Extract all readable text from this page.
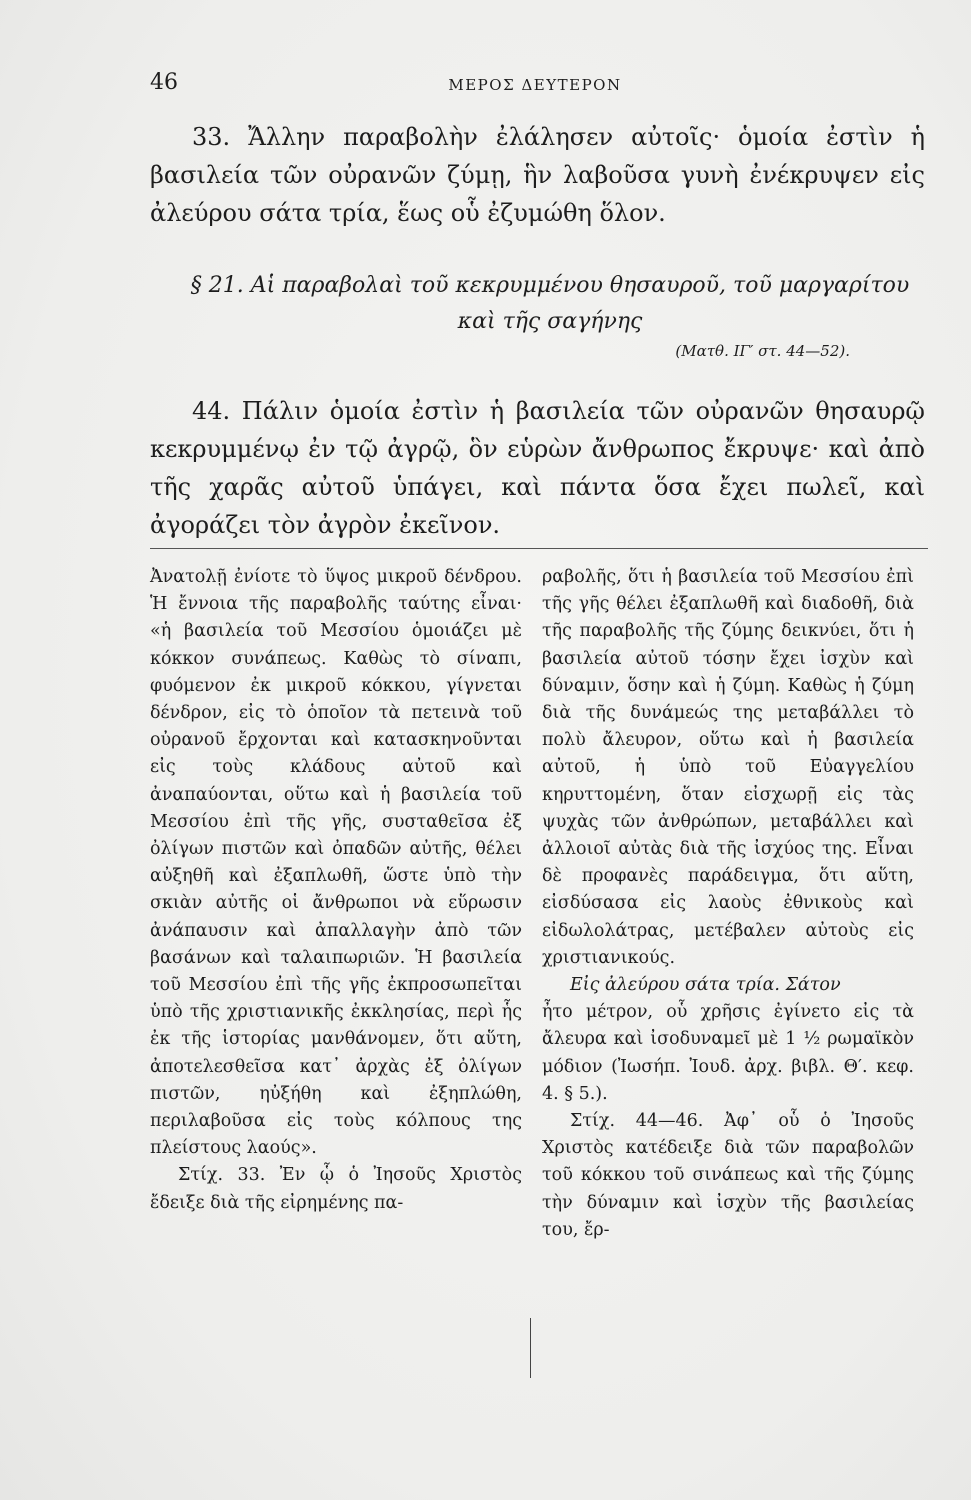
46	ΜΕΡΟΣ ΔΕΥΤΕΡΟΝ

33. Ἄλλην παραβολὴν ἐλάλησεν αὐτοῖς· ὁμοία ἐστὶν ἡ βασιλεία τῶν οὐρανῶν ζύμῃ, ἣν λαβοῦσα γυνὴ ἐνέκρυψεν εἰς ἀλεύρου σάτα τρία, ἕως οὗ ἐζυμώθη ὅλον.

§ 21. Αἱ παραβολαὶ τοῦ κεκρυμμένου θησαυροῦ, τοῦ μαργαρίτου καὶ τῆς σαγήνης
(Ματθ. ΙΓ′ στ. 44—52).

44. Πάλιν ὁμοία ἐστὶν ἡ βασιλεία τῶν οὐρανῶν θησαυρῷ κεκρυμμένῳ ἐν τῷ ἀγρῷ, ὃν εὑρὼν ἄνθρωπος ἔκρυψε· καὶ ἀπὸ τῆς χαρᾶς αὐτοῦ ὑπάγει, καὶ πάντα ὅσα ἔχει πωλεῖ, καὶ ἀγοράζει τὸν ἀγρὸν ἐκεῖνον.

Ἀνατολῇ ἐνίοτε τὸ ὕψος μικροῦ δένδρου. Ἡ ἔννοια τῆς παραβολῆς ταύτης εἶναι· «ἡ βασιλεία τοῦ Μεσσίου ὁμοιάζει μὲ κόκκον συνάπεως. Καθὼς τὸ σίναπι, φυόμενον ἐκ μικροῦ κόκκου, γίγνεται δένδρον, εἰς τὸ ὁποῖον τὰ πετεινὰ τοῦ οὐρανοῦ ἔρχονται καὶ κατασκηνοῦνται εἰς τοὺς κλάδους αὐτοῦ καὶ ἀναπαύονται, οὕτω καὶ ἡ βασιλεία τοῦ Μεσσίου ἐπὶ τῆς γῆς, συσταθεῖσα ἐξ ὀλίγων πιστῶν καὶ ὀπαδῶν αὐτῆς, θέλει αὐξηθῆ καὶ ἐξαπλωθῆ, ὥστε ὑπὸ τὴν σκιὰν αὐτῆς οἱ ἄνθρωποι νὰ εὕρωσιν ἀνάπαυσιν καὶ ἀπαλλαγὴν ἀπὸ τῶν βασάνων καὶ ταλαιπωριῶν. Ἡ βασιλεία τοῦ Μεσσίου ἐπὶ τῆς γῆς ἐκπροσωπεῖται ὑπὸ τῆς χριστιανικῆς ἐκκλησίας, περὶ ἧς ἐκ τῆς ἱστορίας μανθάνομεν, ὅτι αὕτη, ἀποτελεσθεῖσα κατ᾽ ἀρχὰς ἐξ ὀλίγων πιστῶν, ηὐξήθη καὶ ἐξηπλώθη, περιλαβοῦσα εἰς τοὺς κόλπους της πλείστους λαούς».

Στίχ. 33. Ἐν ᾧ ὁ Ἰησοῦς Χριστὸς ἔδειξε διὰ τῆς εἰρημένης πα-

ραβολῆς, ὅτι ἡ βασιλεία τοῦ Μεσσίου ἐπὶ τῆς γῆς θέλει ἐξαπλωθῆ καὶ διαδοθῆ, διὰ τῆς παραβολῆς τῆς ζύμης δεικνύει, ὅτι ἡ βασιλεία αὐτοῦ τόσην ἔχει ἰσχὺν καὶ δύναμιν, ὅσην καὶ ἡ ζύμη. Καθὼς ἡ ζύμη διὰ τῆς δυνάμεώς της μεταβάλλει τὸ πολὺ ἄλευρον, οὕτω καὶ ἡ βασιλεία αὐτοῦ, ἡ ὑπὸ τοῦ Εὐαγγελίου κηρυττομένη, ὅταν εἰσχωρῇ εἰς τὰς ψυχὰς τῶν ἀνθρώπων, μεταβάλλει καὶ ἀλλοιοῖ αὐτὰς διὰ τῆς ἰσχύος της. Εἶναι δὲ προφανὲς παράδειγμα, ὅτι αὕτη, εἰσδύσασα εἰς λαοὺς ἐθνικοὺς καὶ εἰδωλολάτρας, μετέβαλεν αὐτοὺς εἰς χριστιανικούς.

Εἰς ἀλεύρου σάτα τρία. Σάτον

ἦτο μέτρον, οὗ χρῆσις ἐγίνετο εἰς τὰ ἄλευρα καὶ ἰσοδυναμεῖ μὲ 1 ½ ρωμαϊκὸν μόδιον (Ἰωσήπ. Ἰουδ. ἀρχ. βιβλ. Θ′. κεφ. 4. § 5.).

Στίχ. 44—46. Ἀφ᾽ οὗ ὁ Ἰησοῦς Χριστὸς κατέδειξε διὰ τῶν παραβολῶν τοῦ κόκκου τοῦ σινάπεως καὶ τῆς ζύμης τὴν δύναμιν καὶ ἰσχὺν τῆς βασιλείας του, ἔρ-
